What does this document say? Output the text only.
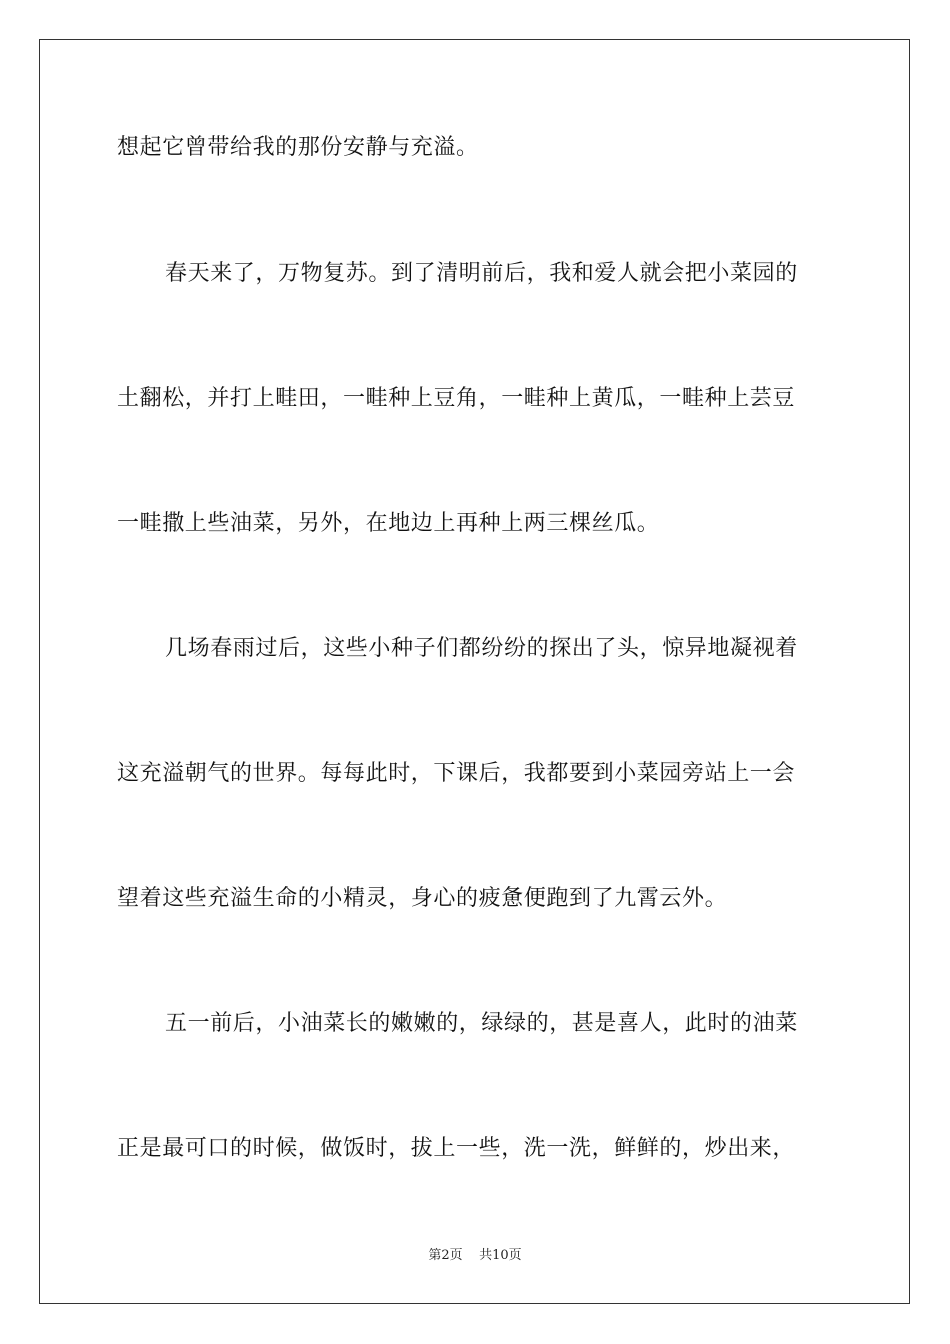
想起它曾带给我的那份安静与充溢。
春天来了，万物复苏。到了清明前后，我和爱人就会把小菜园的
土翻松，并打上畦田，一畦种上豆角，一畦种上黄瓜，一畦种上芸豆
一畦撒上些油菜，另外，在地边上再种上两三棵丝瓜。
几场春雨过后，这些小种子们都纷纷的探出了头，惊异地凝视着
这充溢朝气的世界。每每此时，下课后，我都要到小菜园旁站上一会
望着这些充溢生命的小精灵，身心的疲惫便跑到了九霄云外。
五一前后，小油菜长的嫩嫩的，绿绿的，甚是喜人，此时的油菜
正是最可口的时候，做饭时，拔上一些，洗一洗，鲜鲜的，炒出来，
第2页 共10页
